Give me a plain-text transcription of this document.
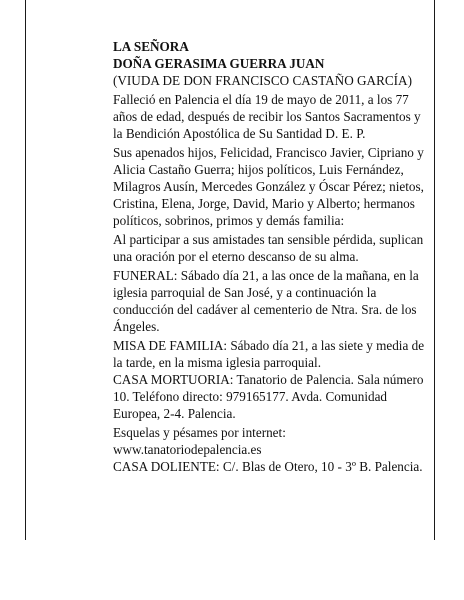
LA SEÑORA

DOÑA GERASIMA GUERRA JUAN

(VIUDA DE DON FRANCISCO CASTAÑO GARCÍA)

Falleció en Palencia el día 19 de mayo de 2011, a los 77 años de edad, después de recibir los Santos Sacramentos y la Bendición Apostólica de Su Santidad D. E. P.

Sus apenados hijos, Felicidad, Francisco Javier, Cipriano y Alicia Castaño Guerra; hijos políticos, Luis Fernández, Milagros Ausín, Mercedes González y Óscar Pérez; nietos, Cristina, Elena, Jorge, David, Mario y Alberto; hermanos políticos, sobrinos, primos y demás familia:

Al participar a sus amistades tan sensible pérdida, suplican una oración por el eterno descanso de su alma.

FUNERAL: Sábado día 21, a las once de la mañana, en la iglesia parroquial de San José, y a continuación la conducción del cadáver al cementerio de Ntra. Sra. de los Ángeles.

MISA DE FAMILIA: Sábado día 21, a las siete y media de la tarde, en la misma iglesia parroquial.

CASA MORTUORIA: Tanatorio de Palencia. Sala número 10. Teléfono directo: 979165177. Avda. Comunidad Europea, 2-4. Palencia.

Esquelas y pésames por internet:

www.tanatoriodepalencia.es

CASA DOLIENTE: C/. Blas de Otero, 10 - 3º B. Palencia.
